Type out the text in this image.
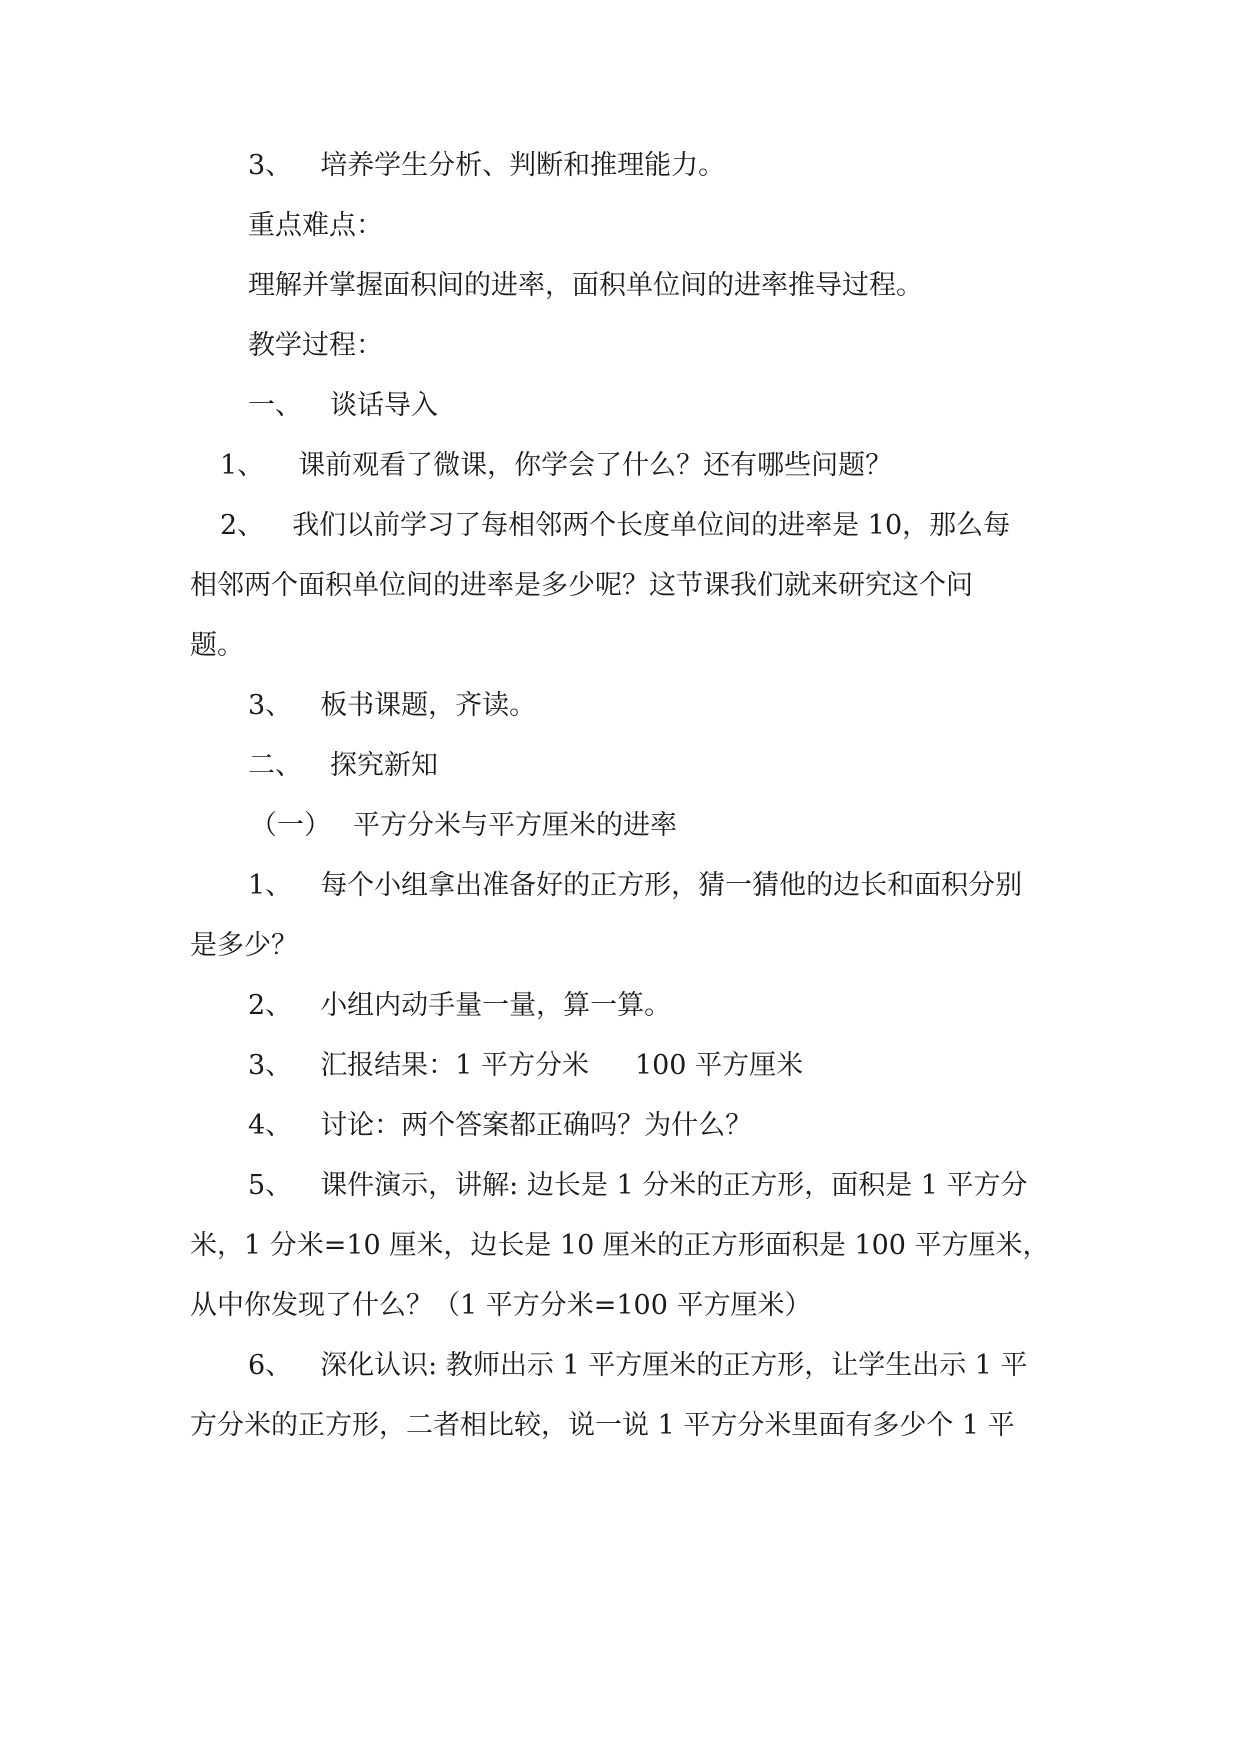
3、 培养学生分析、判断和推理能力。
重点难点：
理解并掌握面积间的进率，面积单位间的进率推导过程。
教学过程：
一、 谈话导入
1、 课前观看了微课，你学会了什么？还有哪些问题？
2、 我们以前学习了每相邻两个长度单位间的进率是 10，那么每
相邻两个面积单位间的进率是多少呢？这节课我们就来研究这个问
题。
3、 板书课题，齐读。
二、 探究新知
（一） 平方分米与平方厘米的进率
1、 每个小组拿出准备好的正方形，猜一猜他的边长和面积分别
是多少？
2、 小组内动手量一量，算一算。
3、 汇报结果：1 平方分米 100 平方厘米
4、 讨论：两个答案都正确吗？为什么？
5、 课件演示，讲解: 边长是 1 分米的正方形，面积是 1 平方分
米，1 分米=10 厘米，边长是 10 厘米的正方形面积是 100 平方厘米，
从中你发现了什么？（1 平方分米=100 平方厘米）
6、 深化认识: 教师出示 1 平方厘米的正方形，让学生出示 1 平
方分米的正方形，二者相比较，说一说 1 平方分米里面有多少个 1 平
